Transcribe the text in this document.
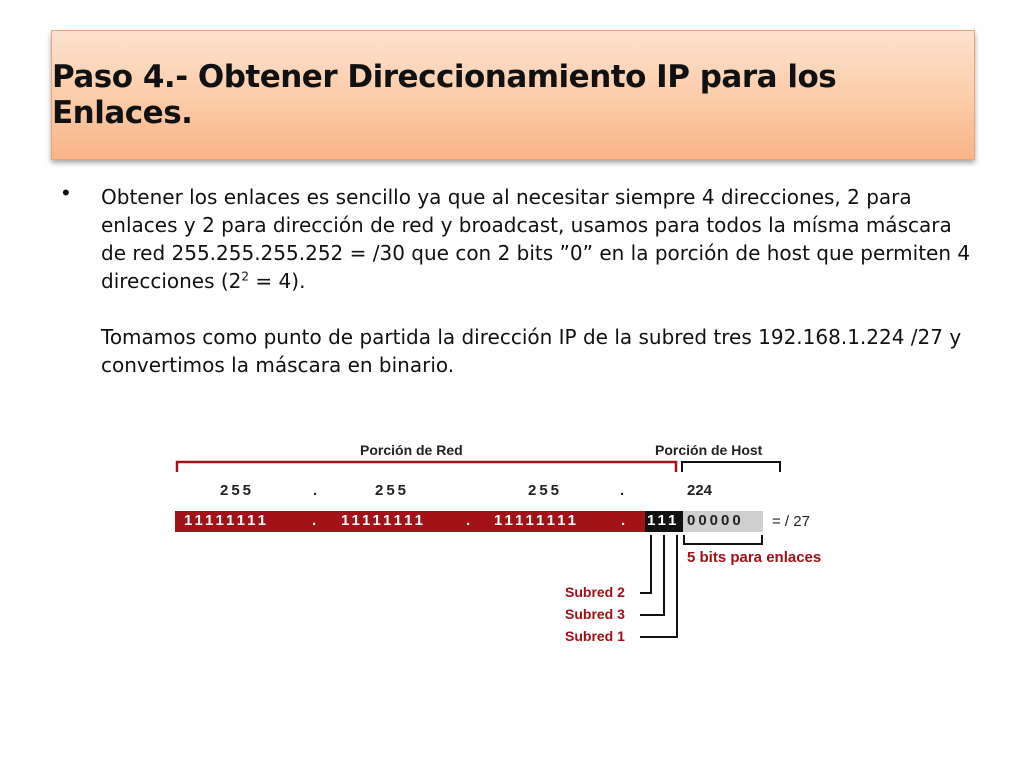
Paso 4.- Obtener Direccionamiento IP para los Enlaces.
• Obtener los enlaces es sencillo ya que al necesitar siempre 4 direcciones, 2 para enlaces y 2 para dirección de red y broadcast, usamos para todos la mísma máscara de red 255.255.255.252 = /30 que con 2 bits ”0” en la porción de host que permiten 4 direcciones $(2^2 = 4)$.

Tomamos como punto de partida la dirección IP de la subred tres 192.168.1.224 /27 y convertimos la máscara en binario.

Porción de Red	Porción de Host
255	.	255	255	.	224
11111111	. 11111111	. 11111111	. 111 00000 = / 27
5 bits para enlaces
Subred 2
Subred 3
Subred 1
